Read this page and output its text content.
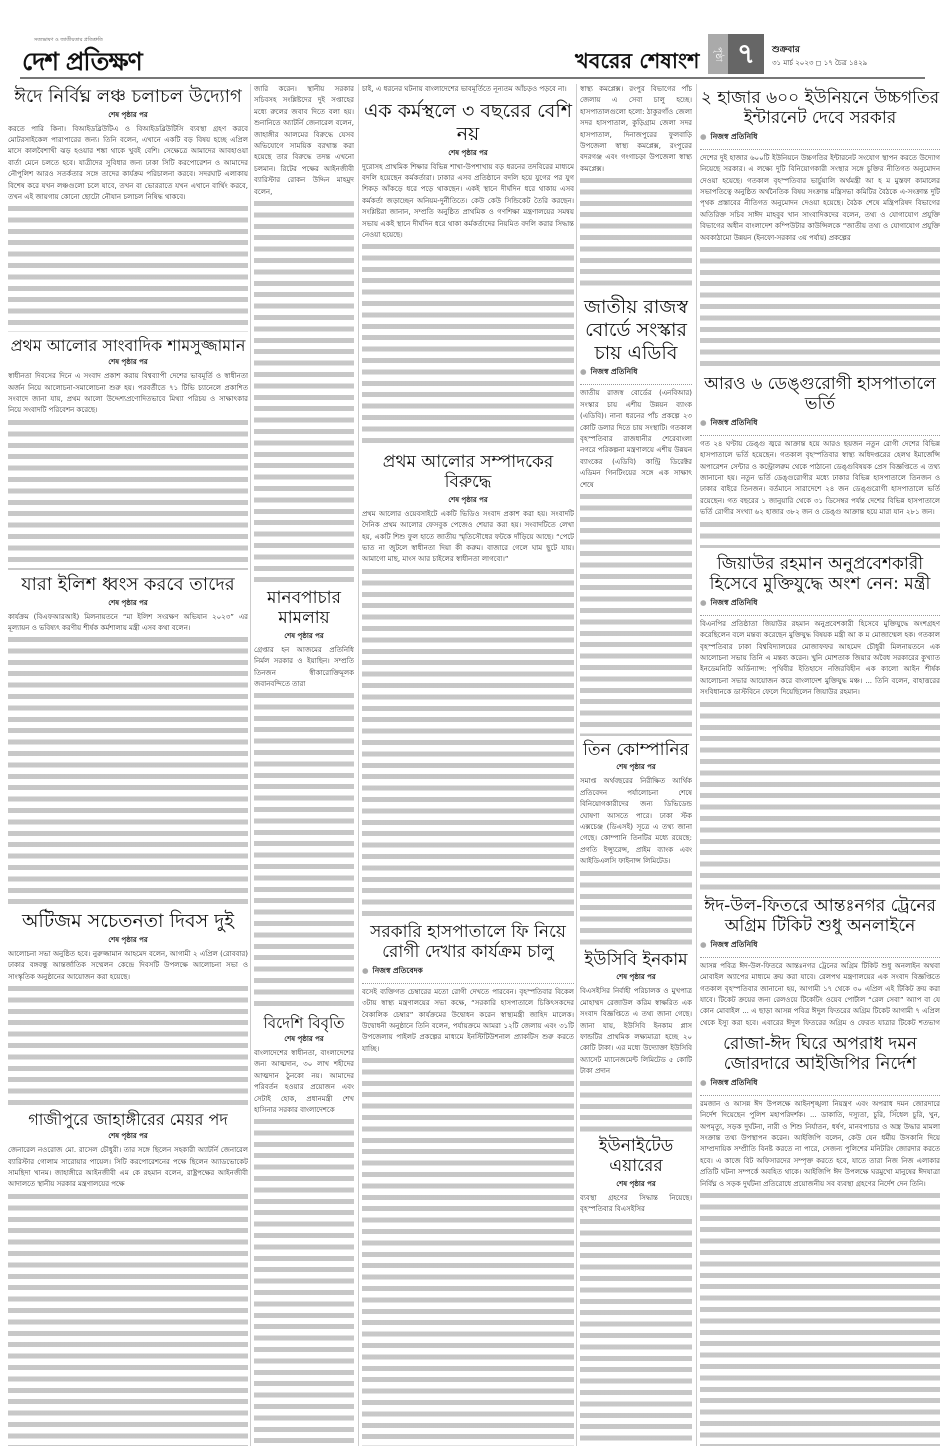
সত্যভাষণ ও জাতীয়তার প্রতিশ্রুতি
দেশ প্রতিক্ষণ	খবরের শেষাংশ	পৃষ্ঠা ৭	শুক্রবার
৩১ মার্চ ২০২৩ ◻ ১৭ চৈত্র ১৪২৯

জারি করেন। স্থানীয় সরকার সচিবসহ সংশ্লিষ্টদের দুই সপ্তাহের মধ্যে রুলের জবাব দিতে বলা হয়। শুনানিতে অ্যাটর্নি জেনারেল বলেন, জাহাঙ্গীর আলমের বিরুদ্ধে যেসব অভিযোগে সাময়িক বরখাস্ত করা হয়েছে তার বিরুদ্ধে তদন্ত এখনো চলমান। রিটের পক্ষের আইনজীবী ব্যারিস্টার রোকন উদ্দিন মাহমুদ বলেন,

চাই, এ ধরনের ঘটনায় বাংলাদেশের ভাবমূর্তিতে নূন্যতম আঁচড়ও পড়বে না।	স্বাস্থ্য কমপ্লেক্স। রংপুর বিভাগের পাঁচ জেলায় এ সেবা চালু হচ্ছে। হাসপাতালগুলো হলো: ঠাকুরগাঁও জেলা সদর হাসপাতাল, কুড়িগ্রাম জেলা সদর হাসপাতাল, দিনাজপুরের ফুলবাড়ি উপজেলা স্বাস্থ্য কমপ্লেক্স, রংপুরের বদরগঞ্জ এবং গংগাচড়া উপজেলা স্বাস্থ্য কমপ্লেক্স।

ঈদে নির্বিঘ্ন লঞ্চ চলাচল উদ্যোগ
শেষ পৃষ্ঠার পর

করতে পারি কিনা। বিআইডব্লিউটিএ ও বিআইডব্লিউটিসি ব্যবস্থা গ্রহণ করবে মোটরসাইকেল পারাপারের জন্য। তিনি বলেন, এখানে একটি বড় বিষয় হচ্ছে এপ্রিল মাসে কালবৈশাখী ঝড় হওয়ার শঙ্কা থাকে খুবই বেশি। সেক্ষেত্রে আমাদের আবহাওয়া বার্তা মেনে চলতে হবে। যাত্রীদের সুবিধার জন্য ঢাকা সিটি করপোরেশন ও আমাদের নৌপুলিশ আরও সতর্কতার সঙ্গে তাদের কার্যক্রম পরিচালনা করবে। সদরঘাট এলাকায় বিশেষ করে যখন লঞ্চগুলো চলে যাবে, তখন বা ভোররাতে যখন এখানে বার্থিং করবে, তখন এই জায়গায় কোনো ছোটো নৌযান চলাচল নিষিদ্ধ থাকবে।

প্রথম আলোর সাংবাদিক শামসুজ্জামান
শেষ পৃষ্ঠার পর

স্বাধীনতা দিবসের দিনে এ সংবাদ প্রকাশ করায় বিশ্বব্যাপী দেশের ভাবমূর্তি ও স্বাধীনতা অর্জন নিয়ে আলোচনা-সমালোচনা শুরু হয়। পরবর্তীতে ৭১ টিভি চ্যানেলে প্রকাশিত সংবাদে জানা যায়, প্রথম আলো উদ্দেশ্যপ্রণোদিতভাবে মিথ্যা পরিচয় ও সাক্ষাৎকার নিয়ে সংবাদটি পরিবেশন করেছে।

যারা ইলিশ ধ্বংস করবে তাদের
শেষ পৃষ্ঠার পর

কার্যক্রম (বিএফআরআই) মিলনায়তনে “মা ইলিশ সংরক্ষণ অভিযান ২০২৩” এর মূল্যায়ন ও ভবিষ্যৎ করণীয় শীর্ষক কর্মশালায় মন্ত্রী এসব কথা বলেন।

অটিজম সচেতনতা দিবস দুই
শেষ পৃষ্ঠার পর

আলোচনা সভা অনুষ্ঠিত হবে। নুরুজ্জামান আহমেদ বলেন, আগামী ২ এপ্রিল (রোববার) ঢাকার বঙ্গবন্ধু আন্তর্জাতিক সম্মেলন কেন্দ্রে দিবসটি উপলক্ষে আলোচনা সভা ও সাংস্কৃতিক অনুষ্ঠানের আয়োজন করা হয়েছে।

গাজীপুরে জাহাঙ্গীরের মেয়র পদ
শেষ পৃষ্ঠার পর

জেনারেল নওরোজ মো. রাসেল চৌধুরী। তার সঙ্গে ছিলেন সহকারী অ্যাটর্নি জেনারেল ব্যারিস্টার গোলাম সারোয়ার পায়েল। সিটি করপোরেশনের পক্ষে ছিলেন অ্যাডভোকেট সামছিদা খানম। জাহাঙ্গীরে আইনজীবী এম কে রহমান বলেন, রাষ্ট্রপক্ষের আইনজীবী আদালতে স্থানীয় সরকার মন্ত্রণালয়ের পক্ষে

মানবপাচার মামলায়
শেষ পৃষ্ঠার পর

গ্রেপ্তার হন আজমের প্রতিনিধি নির্মল সরকার ও ইয়াছিন। সম্প্রতি তিনজন স্বীকারোক্তিমূলক জবানবন্দিতে তারা

বিদেশি বিবৃতি
শেষ পৃষ্ঠার পর

বাংলাদেশের স্বাধীনতা, বাংলাদেশের জন্য আত্মদান, ৩০ লাখ শহীদের আত্মদান ঠুনকো নয়। আমাদের পরিবর্তন হওয়ার প্রয়োজন এবং সেটাই হোক, প্রধানমন্ত্রী শেখ হাসিনার সরকার বাংলাদেশকে

এক কর্মস্থলে ৩ বছরের বেশি নয়
শেষ পৃষ্ঠার পর

দুরোসহ প্রাথমিক শিক্ষার বিভিন্ন শাখা-উপশাখায় বড় ধরনের তদবিরের মাধ্যমে বদলি হয়েছেন কর্মকর্তারা। ঢাকার এসব প্রতিষ্ঠানে বদলি হয়ে যুগের পর যুগ শিকড় আঁকড়ে ধরে পড়ে থাকছেন। একই স্থানে দীর্ঘদিন ধরে থাকায় এসব কর্মকর্তা জড়াচ্ছেন অনিয়ম-দুর্নীতিতে। কেউ কেউ সিন্ডিকেট তৈরি করছেন। সংশ্লিষ্টরা জানান, সম্প্রতি অনুষ্ঠিত প্রাথমিক ও গণশিক্ষা মন্ত্রণালয়ের সমন্বয় সভায় একই স্থানে দীর্ঘদিন ধরে থাকা কর্মকর্তাদের নিয়মিত বদলি করার সিদ্ধান্ত নেওয়া হয়েছে।

প্রথম আলোর সম্পাদকের বিরুদ্ধে
শেষ পৃষ্ঠার পর

প্রথম আলোর ওয়েবসাইটে একটি ভিডিও সংবাদ প্রকাশ করা হয়। সংবাদটি দৈনিক প্রথম আলোর ফেসবুক পেজেও শেয়ার করা হয়। সংবাদটিতে লেখা হয়, একটি শিশু ফুল হাতে জাতীয় স্মৃতিসৌধের ফটকে দাঁড়িয়ে আছে। “পেটে ভাত না জুটলে স্বাধীনতা দিয়া কী করুম। বাজারে গেলে ঘাম ছুটে যায়। আমাগো মাছ, মাংস আর চাইলের স্বাধীনতা লাগবো।”

সরকারি হাসপাতালে ফি নিয়ে রোগী দেখার কার্যক্রম চালু
● নিজস্ব প্রতিবেদক

বসেই ব্যক্তিগত চেম্বারের মতো রোগী দেখতে পারবেন। বৃহস্পতিবার বিকেল ৩টায় স্বাস্থ্য মন্ত্রণালয়ের সভা কক্ষে, “সরকারি হাসপাতালে চিকিৎসকদের বৈকালিক চেম্বার” কার্যক্রমের উদ্বোধন করেন স্বাস্থ্যমন্ত্রী জাহিদ মালেক। উদ্বোধনী অনুষ্ঠানে তিনি বলেন, পর্যায়ক্রমে আমরা ১২টি জেলায় এবং ৩১টি উপজেলায় পাইলট প্রকল্পের মাধ্যমে ইনস্টিটিউশনাল প্র্যাকটিস শুরু করতে যাচ্ছি।

জাতীয় রাজস্ব বোর্ডে সংস্কার চায় এডিবি
● নিজস্ব প্রতিনিধি

জাতীয় রাজস্ব বোর্ডের (এনবিআর) সংস্কার চায় এশীয় উন্নয়ন ব্যাংক (এডিবি)। নানা ধরনের পাঁচ প্রকল্পে ২৩ কোটি ডলার দিতে চায় সংস্থাটি। গতকাল বৃহস্পতিবার রাজধানীর শেরেবাংলা নগরে পরিকল্পনা মন্ত্রণালয়ে এশীয় উন্নয়ন ব্যাংকের (এডিবি) কান্ট্রি ডিরেক্টর এডিমন গিনটিংয়ের সঙ্গে এক সাক্ষাৎ শেষে

তিন কোম্পানির
শেষ পৃষ্ঠার পর

সমাপ্ত অর্থবছরের নিরীক্ষিত আর্থিক প্রতিবেদন পর্যালোচনা শেষে বিনিয়োগকারীদের জন্য ডিভিডেন্ড ঘোষণা আসতে পারে। ঢাকা স্টক এক্সচেঞ্জ (ডিএসই) সূত্রে এ তথ্য জানা গেছে। কোম্পানি তিনটির মধ্যে রয়েছে: প্রগতি ইন্স্যুরেন্স, প্রাইম ব্যাংক এবং আইডিএলসি ফাইনান্স লিমিটেড।

ইউসিবি ইনকাম
শেষ পৃষ্ঠার পর

বিএসইসির নির্বাহী পরিচালক ও মুখপাত্র মোহাম্মদ রেজাউল করিম স্বাক্ষরিত এক সংবাদ বিজ্ঞপ্তিতে এ তথ্য জানা গেছে। জানা যায়, ইউসিবি ইনকাম প্লাস ফান্ডটির প্রাথমিক লক্ষ্যমাত্রা হচ্ছে ২০ কোটি টাকা। এর মধ্যে উদ্যোক্তা ইউসিবি অ্যাসেট ম্যানেজমেন্ট লিমিটেড ৫ কোটি টাকা প্রদান

ইউনাইটেড এয়ারের
শেষ পৃষ্ঠার পর

ব্যবস্থা গ্রহণের সিদ্ধান্ত নিয়েছে। বৃহস্পতিবার বিএসইসির

২ হাজার ৬০০ ইউনিয়নে উচ্চগতির ইন্টারনেট দেবে সরকার
● নিজস্ব প্রতিনিধি

দেশের দুই হাজার ৬০০টি ইউনিয়নে উচ্চগতির ইন্টারনেট সংযোগ স্থাপন করতে উদ্যোগ নিয়েছে সরকার। এ লক্ষ্যে দুটি বিনিয়োগকারী সংস্থার সঙ্গে চুক্তির নীতিগত অনুমোদন দেওয়া হয়েছে। গতকাল বৃহস্পতিবার ভার্চুয়ালি অর্থমন্ত্রী আ হ ম মুস্তফা কামালের সভাপতিত্বে অনুষ্ঠিত অর্থনৈতিক বিষয় সংক্রান্ত মন্ত্রিসভা কমিটির বৈঠকে এ-সংক্রান্ত দুটি পৃথক প্রস্তাবের নীতিগত অনুমোদন দেওয়া হয়েছে। বৈঠক শেষে মন্ত্রিপরিষদ বিভাগের অতিরিক্ত সচিব সাঈদ মাহবুব খান সাংবাদিকদের বলেন, তথ্য ও যোগাযোগ প্রযুক্তি বিভাগের অধীন বাংলাদেশ কম্পিউটার কাউন্সিলকে “জাতীয় তথ্য ও যোগাযোগ প্রযুক্তি অবকাঠামো উন্নয়ন (ইনফো-সরকার ৩য় পর্যায়) প্রকল্পের

আরও ৬ ডেঙ্গুরোগী হাসপাতালে ভর্তি
● নিজস্ব প্রতিনিধি

গত ২৪ ঘণ্টায় ডেঙ্গু জ্বরে আক্রান্ত হয়ে আরও ছয়জন নতুন রোগী দেশের বিভিন্ন হাসপাতালে ভর্তি হয়েছেন। গতকাল বৃহস্পতিবার স্বাস্থ্য অধিদপ্তরের হেলথ ইমার্জেন্সি অপারেশন সেন্টার ও কন্ট্রোলরুম থেকে পাঠানো ডেঙ্গুবিষয়ক প্রেস বিজ্ঞপ্তিতে এ তথ্য জানানো হয়। নতুন ভর্তি ডেঙ্গুরোগীর মধ্যে ঢাকার বিভিন্ন হাসপাতালে তিনজন ও ঢাকার বাইরে তিনজন। বর্তমানে সারাদেশে ২৪ জন ডেঙ্গুরোগী হাসপাতালে ভর্তি রয়েছেন। গত বছরের ১ জানুয়ারি থেকে ৩১ ডিসেম্বর পর্যন্ত দেশের বিভিন্ন হাসপাতালে ভর্তি রোগীর সংখ্যা ৬২ হাজার ৩৮২ জন ও ডেঙ্গু আক্রান্ত হয়ে মারা যান ২৮১ জন।

জিয়াউর রহমান অনুপ্রবেশকারী হিসেবে মুক্তিযুদ্ধে অংশ নেন: মন্ত্রী
● নিজস্ব প্রতিনিধি

বিএনপির প্রতিষ্ঠাতা জিয়াউর রহমান অনুপ্রবেশকারী হিসেবে মুক্তিযুদ্ধে অংশগ্রহণ করেছিলেন বলে মন্তব্য করেছেন মুক্তিযুদ্ধ বিষয়ক মন্ত্রী আ ক ম মোজাম্মেল হক। গতকাল বৃহস্পতিবার ঢাকা বিশ্ববিদ্যালয়ের মোজাফফর আহমেদ চৌধুরী মিলনায়তনে এক আলোচনা সভায় তিনি এ মন্তব্য করেন। খুনি মোশতাক জিয়ার অবৈধ সরকারের কুখ্যাত ইনডেমনিটি অর্ডিন্যান্স: পৃথিবীর ইতিহাসে নজিরবিহীন এক কালো আইন শীর্ষক আলোচনা সভার আয়োজন করে বাংলাদেশ মুক্তিযুদ্ধ মঞ্চ। ... তিনি বলেন, বাহাত্তরের সংবিধানকে ডাস্টবিনে ফেলে দিয়েছিলেন জিয়াউর রহমান।

ঈদ-উল-ফিতরে আন্তঃনগর ট্রেনের অগ্রিম টিকিট শুধু অনলাইনে
● নিজস্ব প্রতিনিধি

আসন্ন পবিত্র ঈদ-উল-ফিতরে আন্তঃনগর ট্রেনের অগ্রিম টিকিট শুধু অনলাইন অথবা মোবাইল অ্যাপের মাধ্যমে ক্রয় করা যাবে। রেলপথ মন্ত্রণালয়ের এক সংবাদ বিজ্ঞপ্তিতে গতকাল বৃহস্পতিবার জানানো হয়, আগামী ১৭ থেকে ৩০ এপ্রিল এই টিকিট ক্রয় করা যাবে। টিকেট ক্রয়ের জন্য রেলওয়ে টিকেটিং ওয়েব পোর্টাল “রেল সেবা” অ্যাপ বা যে কোন মোবাইল ... এ ছাড়া আসন্ন পবিত্র ঈদুল ফিতরের অগ্রিম টিকেট আগামী ৭ এপ্রিল থেকে ইস্যু করা হবে। এবারের ঈদুল ফিতরের অগ্রিম ও ফেরত যাত্রার টিকেট শতভাগ

রোজা-ঈদ ঘিরে অপরাধ দমন জোরদারে আইজিপির নির্দেশ
● নিজস্ব প্রতিনিধি

রমজান ও আসন্ন ঈদ উপলক্ষে আইনশৃঙ্খলা নিয়ন্ত্রণ এবং অপরাধ দমন জোরদারে নির্দেশ দিয়েছেন পুলিশ মহাপরিদর্শক। ... ডাকাতি, দস্যুতা, চুরি, সিঁধেল চুরি, খুন, অপমৃত্যু, সড়ক দুর্ঘটনা, নারী ও শিশু নির্যাতন, ধর্ষণ, মানবপাচার ও অস্ত্র উদ্ধার মামলা সংক্রান্ত তথ্য উপস্থাপন করেন। আইজিপি বলেন, কেউ যেন ধর্মীয় উসকানি দিয়ে সাম্প্রদায়িক সম্প্রীতি বিনষ্ট করতে না পারে, সেজন্য পুলিশের মনিটরিং জোরদার করতে হবে। এ কাজে বিট অফিসারদের সম্পৃক্ত করতে হবে, যাতে তারা নিজ নিজ এলাকার প্রতিটি ঘটনা সম্পর্কে অবহিত থাকে। আইজিপি ঈদ উপলক্ষে ঘরমুখো মানুষের ঈদযাত্রা নির্বিঘ্ন ও সড়ক দুর্ঘটনা প্রতিরোধে প্রয়োজনীয় সব ব্যবস্থা গ্রহণের নির্দেশ দেন তিনি।
